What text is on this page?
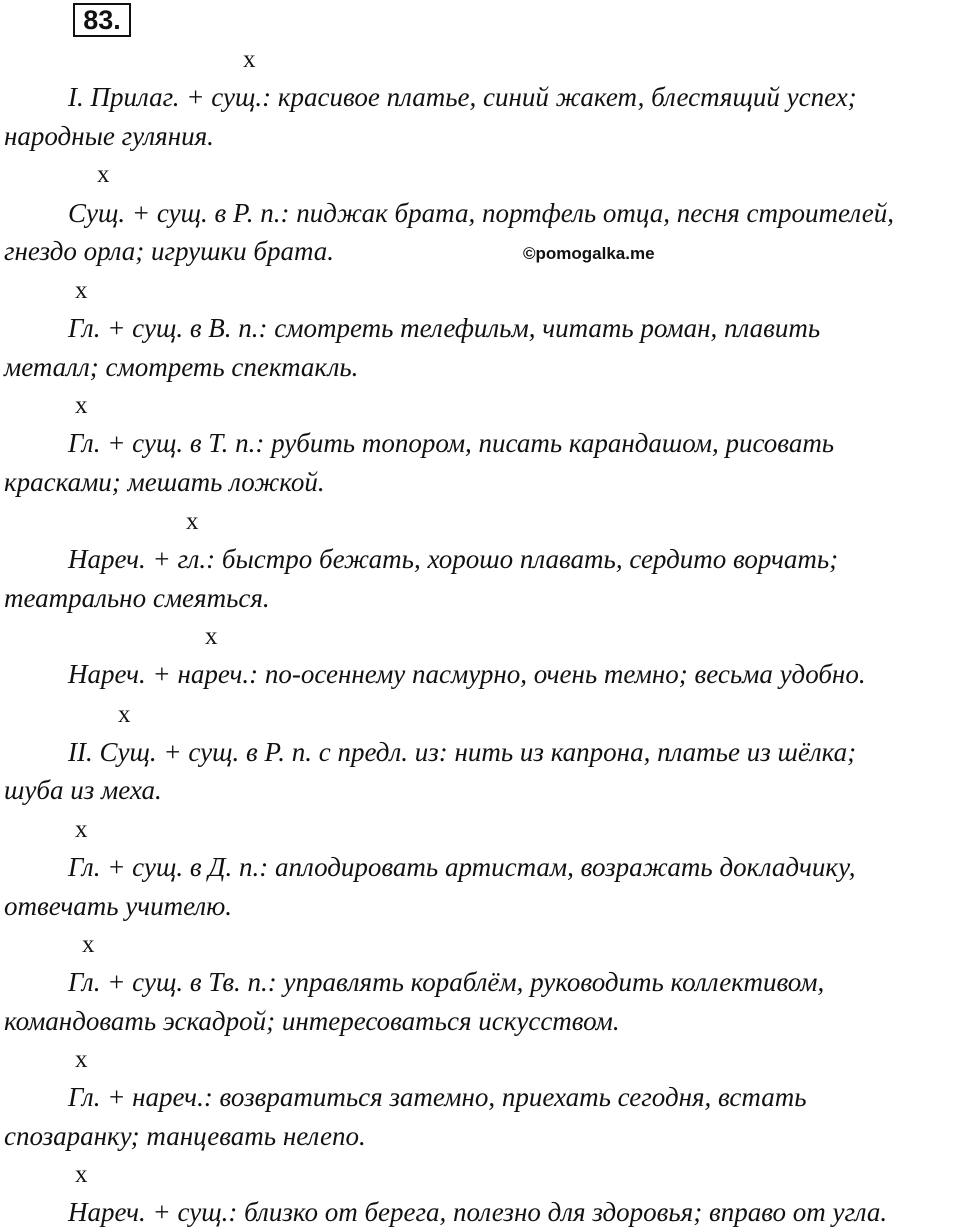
83.
x
x
x
x
x
x
x
x
x
x
x
I. Прилаг. + сущ.: красивое платье, синий жакет, блестящий успех;
народные гуляния.
Сущ. + сущ. в Р. п.: пиджак брата, портфель отца, песня строителей,
гнездо орла; игрушки брата.	©pomogalka.me
Гл. + сущ. в В. п.: смотреть телефильм, читать роман, плавить
металл; смотреть спектакль.
Гл. + сущ. в Т. п.: рубить топором, писать карандашом, рисовать
красками; мешать ложкой.
Нареч. + гл.: быстро бежать, хорошо плавать, сердито ворчать;
театрально смеяться.
Нареч. + нареч.: по-осеннему пасмурно, очень темно; весьма удобно.
II. Сущ. + сущ. в Р. п. с предл. из: нить из капрона, платье из шёлка;
шуба из меха.
Гл. + сущ. в Д. п.: аплодировать артистам, возражать докладчику,
отвечать учителю.
Гл. + сущ. в Тв. п.: управлять кораблём, руководить коллективом,
командовать эскадрой; интересоваться искусством.
Гл. + нареч.: возвратиться затемно, приехать сегодня, встать
спозаранку; танцевать нелепо.
Нареч. + сущ.: близко от берега, полезно для здоровья; вправо от угла.
